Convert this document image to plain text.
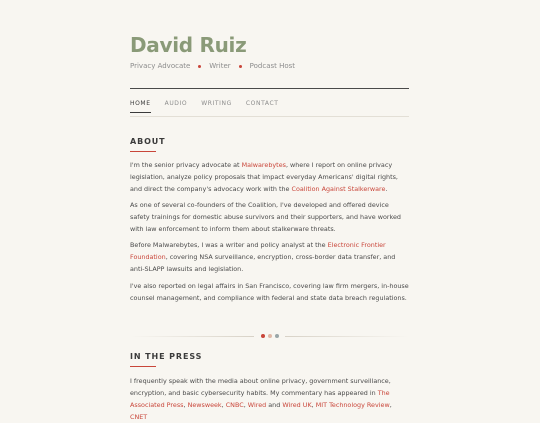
David Ruiz
Privacy Advocate	Writer	Podcast Host
HOME AUDIO WRITING CONTACT
ABOUT

I'm the senior privacy advocate at Malwarebytes, where I report on online privacy legislation, analyze policy proposals that impact everyday Americans' digital rights, and direct the company's advocacy work with the Coalition Against Stalkerware.

As one of several co-founders of the Coalition, I've developed and offered device safety trainings for domestic abuse survivors and their supporters, and have worked with law enforcement to inform them about stalkerware threats.

Before Malwarebytes, I was a writer and policy analyst at the Electronic Frontier Foundation, covering NSA surveillance, encryption, cross-border data transfer, and anti-SLAPP lawsuits and legislation.

I've also reported on legal affairs in San Francisco, covering law firm mergers, in-house counsel management, and compliance with federal and state data breach regulations.

IN THE PRESS

I frequently speak with the media about online privacy, government surveillance, encryption, and basic cybersecurity habits. My commentary has appeared in The Associated Press, Newsweek, CNBC, Wired and Wired UK, MIT Technology Review, CNET
